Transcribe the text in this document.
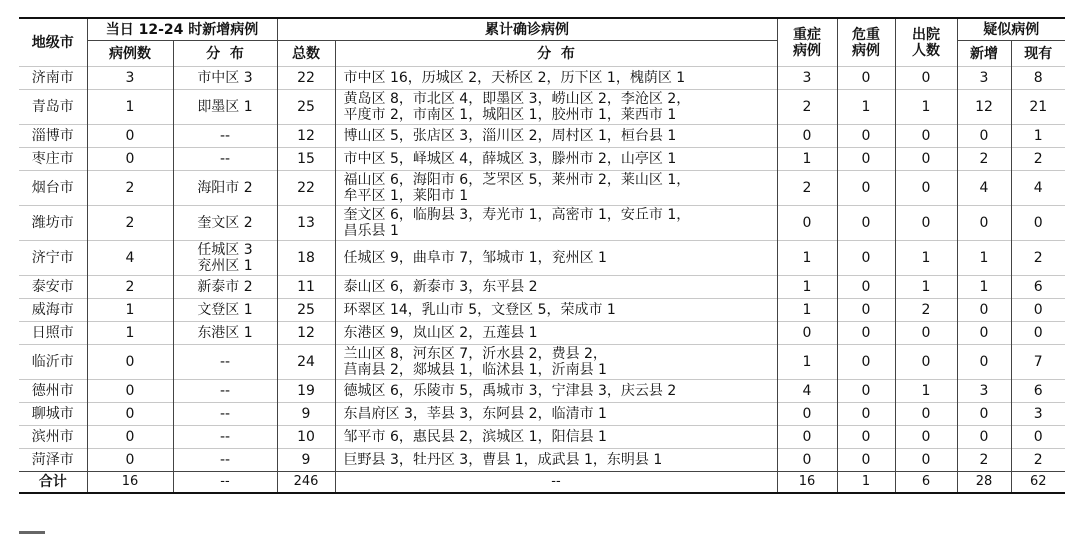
地级市	当日 12-24 时新增病例		累计确诊病例		重症病例	危重病例	出院人数	疑似病例	
	病例数	分  布	总数	分  布				新增	现有
济南市	3	市中区 3	22	市中区 16，历城区 2，天桥区 2，历下区 1，槐荫区 1	3	0	0	3	8
青岛市	1	即墨区 1	25	黄岛区 8，市北区 4，即墨区 3，崂山区 2，李沧区 2，
平度市 2，市南区 1，城阳区 1，胶州市 1，莱西市 1	2	1	1	12	21
淄博市	0	--	12	博山区 5，张店区 3，淄川区 2，周村区 1，桓台县 1	0	0	0	0	1
枣庄市	0	--	15	市中区 5，峄城区 4，薛城区 3，滕州市 2，山亭区 1	1	0	0	2	2
烟台市	2	海阳市 2	22	福山区 6，海阳市 6，芝罘区 5，莱州市 2，莱山区 1，
牟平区 1，莱阳市 1	2	0	0	4	4
潍坊市	2	奎文区 2	13	奎文区 6，临朐县 3，寿光市 1，高密市 1，安丘市 1，
昌乐县 1	0	0	0	0	0
济宁市	4	任城区 3
兖州区 1	18	任城区 9，曲阜市 7，邹城市 1，兖州区 1	1	0	1	1	2
泰安市	2	新泰市 2	11	泰山区 6，新泰市 3，东平县 2	1	0	1	1	6
威海市	1	文登区 1	25	环翠区 14，乳山市 5，文登区 5，荣成市 1	1	0	2	0	0
日照市	1	东港区 1	12	东港区 9，岚山区 2，五莲县 1	0	0	0	0	0
临沂市	0	--	24	兰山区 8，河东区 7，沂水县 2，费县 2，
莒南县 2，郯城县 1，临沭县 1，沂南县 1	1	0	0	0	7
德州市	0	--	19	德城区 6，乐陵市 5，禹城市 3，宁津县 3，庆云县 2	4	0	1	3	6
聊城市	0	--	9	东昌府区 3，莘县 3，东阿县 2，临清市 1	0	0	0	0	3
滨州市	0	--	10	邹平市 6，惠民县 2，滨城区 1，阳信县 1	0	0	0	0	0
菏泽市	0	--	9	巨野县 3，牡丹区 3，曹县 1，成武县 1，东明县 1	0	0	0	2	2
合计	16	--	246	--	16	1	6	28	62
